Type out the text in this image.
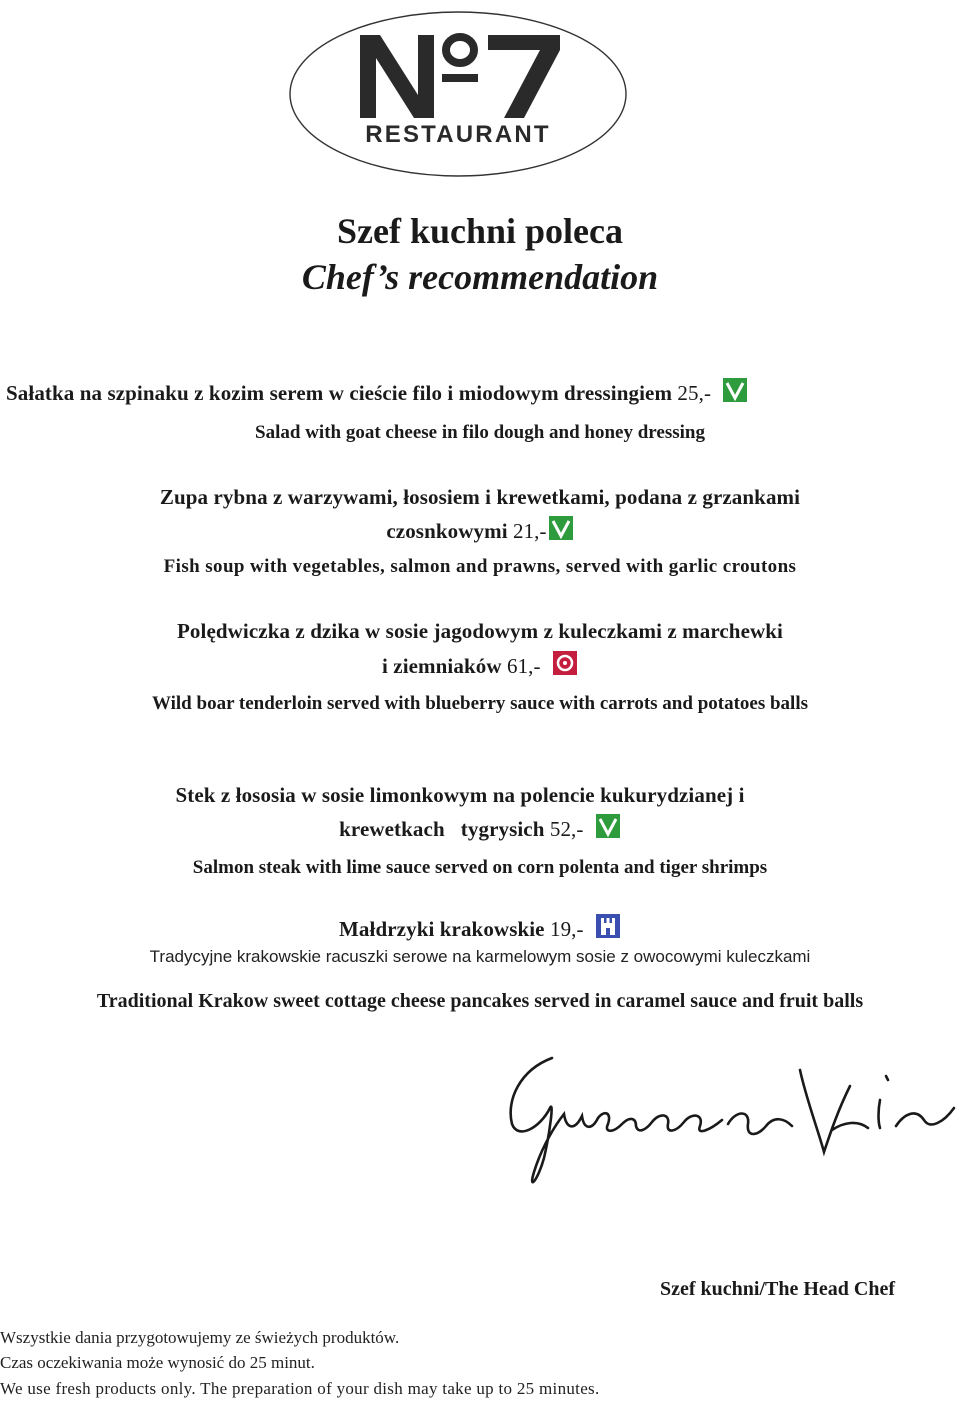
RESTAURANT
Szef kuchni poleca
Chef’s recommendation
Sałatka na szpinaku z kozim serem w cieście filo i miodowym dressingiem 25,-
Salad with goat cheese in filo dough and honey dressing
Zupa rybna z warzywami, łososiem i krewetkami, podana z grzankami
czosnkowymi 21,-
Fish soup with vegetables, salmon and prawns, served with garlic croutons
Polędwiczka z dzika w sosie jagodowym z kuleczkami z marchewki
i ziemniaków 61,-
Wild boar tenderloin served with blueberry sauce with carrots and potatoes balls
Stek z łososia w sosie limonkowym na polencie kukurydzianej i
krewetkach   tygrysich 52,-
Salmon steak with lime sauce served on corn polenta and tiger shrimps
Małdrzyki krakowskie 19,-
Tradycyjne krakowskie racuszki serowe na karmelowym sosie z owocowymi kuleczkami
Traditional Krakow sweet cottage cheese pancakes served in caramel sauce and fruit balls
Szef kuchni/The Head Chef
Wszystkie dania przygotowujemy ze świeżych produktów.
Czas oczekiwania może wynosić do 25 minut.
We use fresh products only. The preparation of your dish may take up to 25 minutes.
